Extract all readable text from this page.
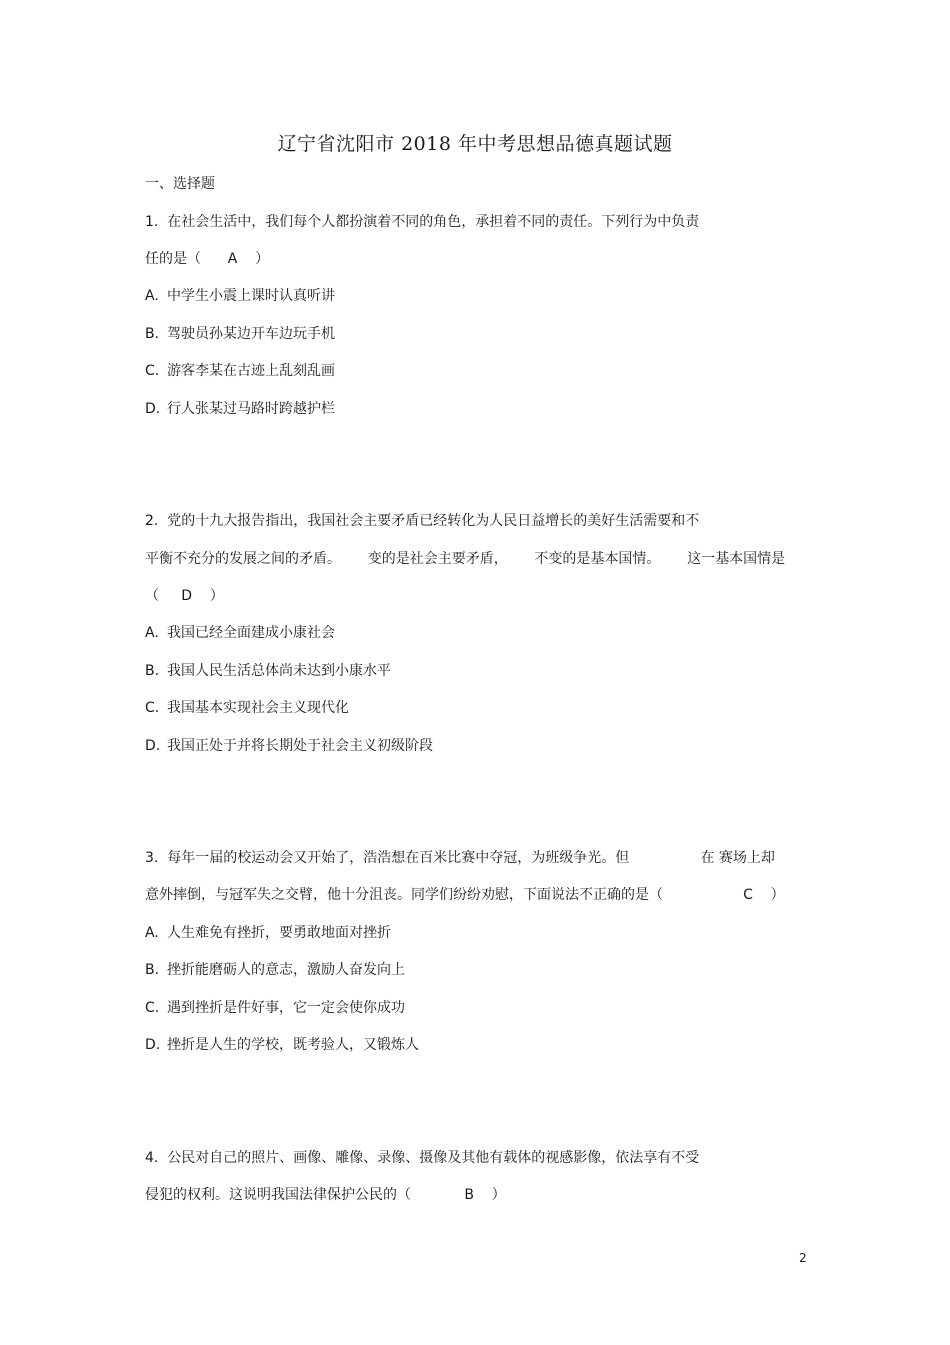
辽宁省沈阳市 2018 年中考思想品德真题试题
一、选择题
1.  在社会生活中，我们每个人都扮演着不同的角色，承担着不同的责任。下列行为中负责
任的是（      A    ）
A. 中学生小震上课时认真听讲
B. 驾驶员孙某边开车边玩手机
C. 游客李某在古迹上乱刻乱画
D. 行人张某过马路时跨越护栏
2.  党的十九大报告指出，我国社会主要矛盾已经转化为人民日益增长的美好生活需要和不
平衡不充分的发展之间的矛盾。      变的是社会主要矛盾，      不变的是基本国情。      这一基本国情是
（     D    ）
A. 我国已经全面建成小康社会
B. 我国人民生活总体尚未达到小康水平
C. 我国基本实现社会主义现代化
D. 我国正处于并将长期处于社会主义初级阶段
3.  每年一届的校运动会又开始了，浩浩想在百米比赛中夺冠，为班级争光。但                在 赛场上却
意外摔倒，与冠军失之交臂，他十分沮丧。同学们纷纷劝慰，下面说法不正确的是（                  C    ）
A. 人生难免有挫折，要勇敢地面对挫折
B. 挫折能磨砺人的意志，激励人奋发向上
C. 遇到挫折是件好事，它一定会使你成功
D. 挫折是人生的学校，既考验人，又锻炼人
4.  公民对自己的照片、画像、雕像、录像、摄像及其他有载体的视感影像，依法享有不受
侵犯的权利。这说明我国法律保护公民的（            B    ）
2
